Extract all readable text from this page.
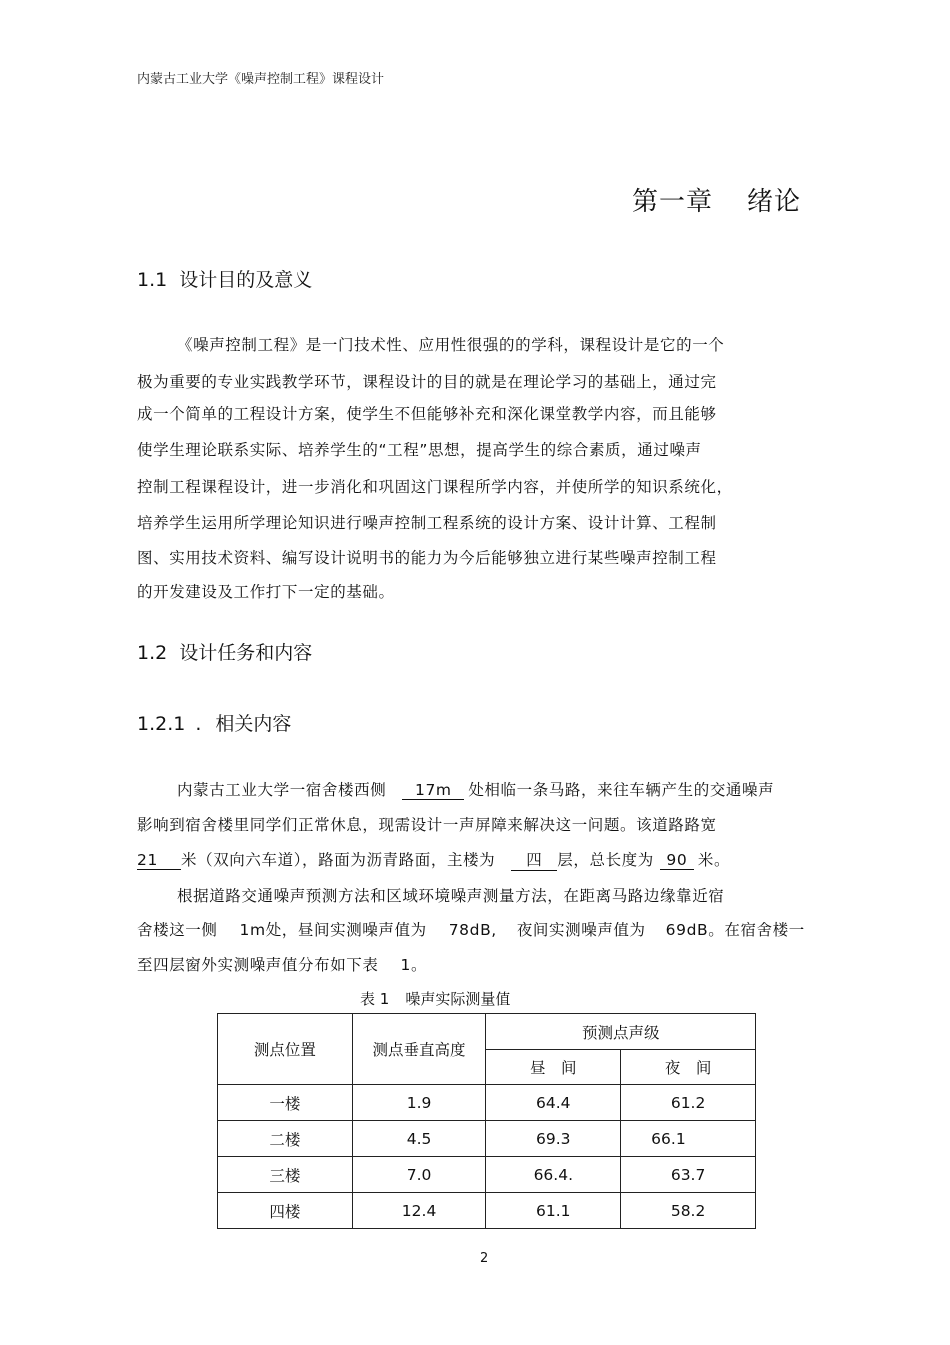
内蒙古工业大学《噪声控制工程》课程设计
第一章 绪论
1.1 设计目的及意义
《噪声控制工程》是一门技术性、应用性很强的的学科，课程设计是它的一个
极为重要的专业实践教学环节，课程设计的目的就是在理论学习的基础上，通过完
成一个简单的工程设计方案，使学生不但能够补充和深化课堂教学内容，而且能够
使学生理论联系实际、培养学生的“工程”思想，提高学生的综合素质，通过噪声
控制工程课程设计，进一步消化和巩固这门课程所学内容，并使所学的知识系统化，
培养学生运用所学理论知识进行噪声控制工程系统的设计方案、设计计算、工程制
图、实用技术资料、编写设计说明书的能力为今后能够独立进行某些噪声控制工程
的开发建设及工作打下一定的基础。
1.2 设计任务和内容
1.2.1 . 相关内容
内蒙古工业大学一宿舍楼西侧 17m 处相临一条马路，来往车辆产生的交通噪声
影响到宿舍楼里同学们正常休息，现需设计一声屏障来解决这一问题。该道路路宽
21 米（双向六车道），路面为沥青路面，主楼为 四 层，总长度为 90 米。
根据道路交通噪声预测方法和区域环境噪声测量方法，在距离马路边缘靠近宿
舍楼这一侧 1m处，昼间实测噪声值为 78dB, 夜间实测噪声值为 69dB。在宿舍楼一
至四层窗外实测噪声值分布如下表 1。
表 1 噪声实际测量值
测点位置	测点垂直高度	预测点声级	
		昼　间	夜　间
一楼	1.9	64.4	61.2
二楼	4.5	69.3	66.1
三楼	7.0	66.4.	63.7
四楼	12.4	61.1	58.2
2
